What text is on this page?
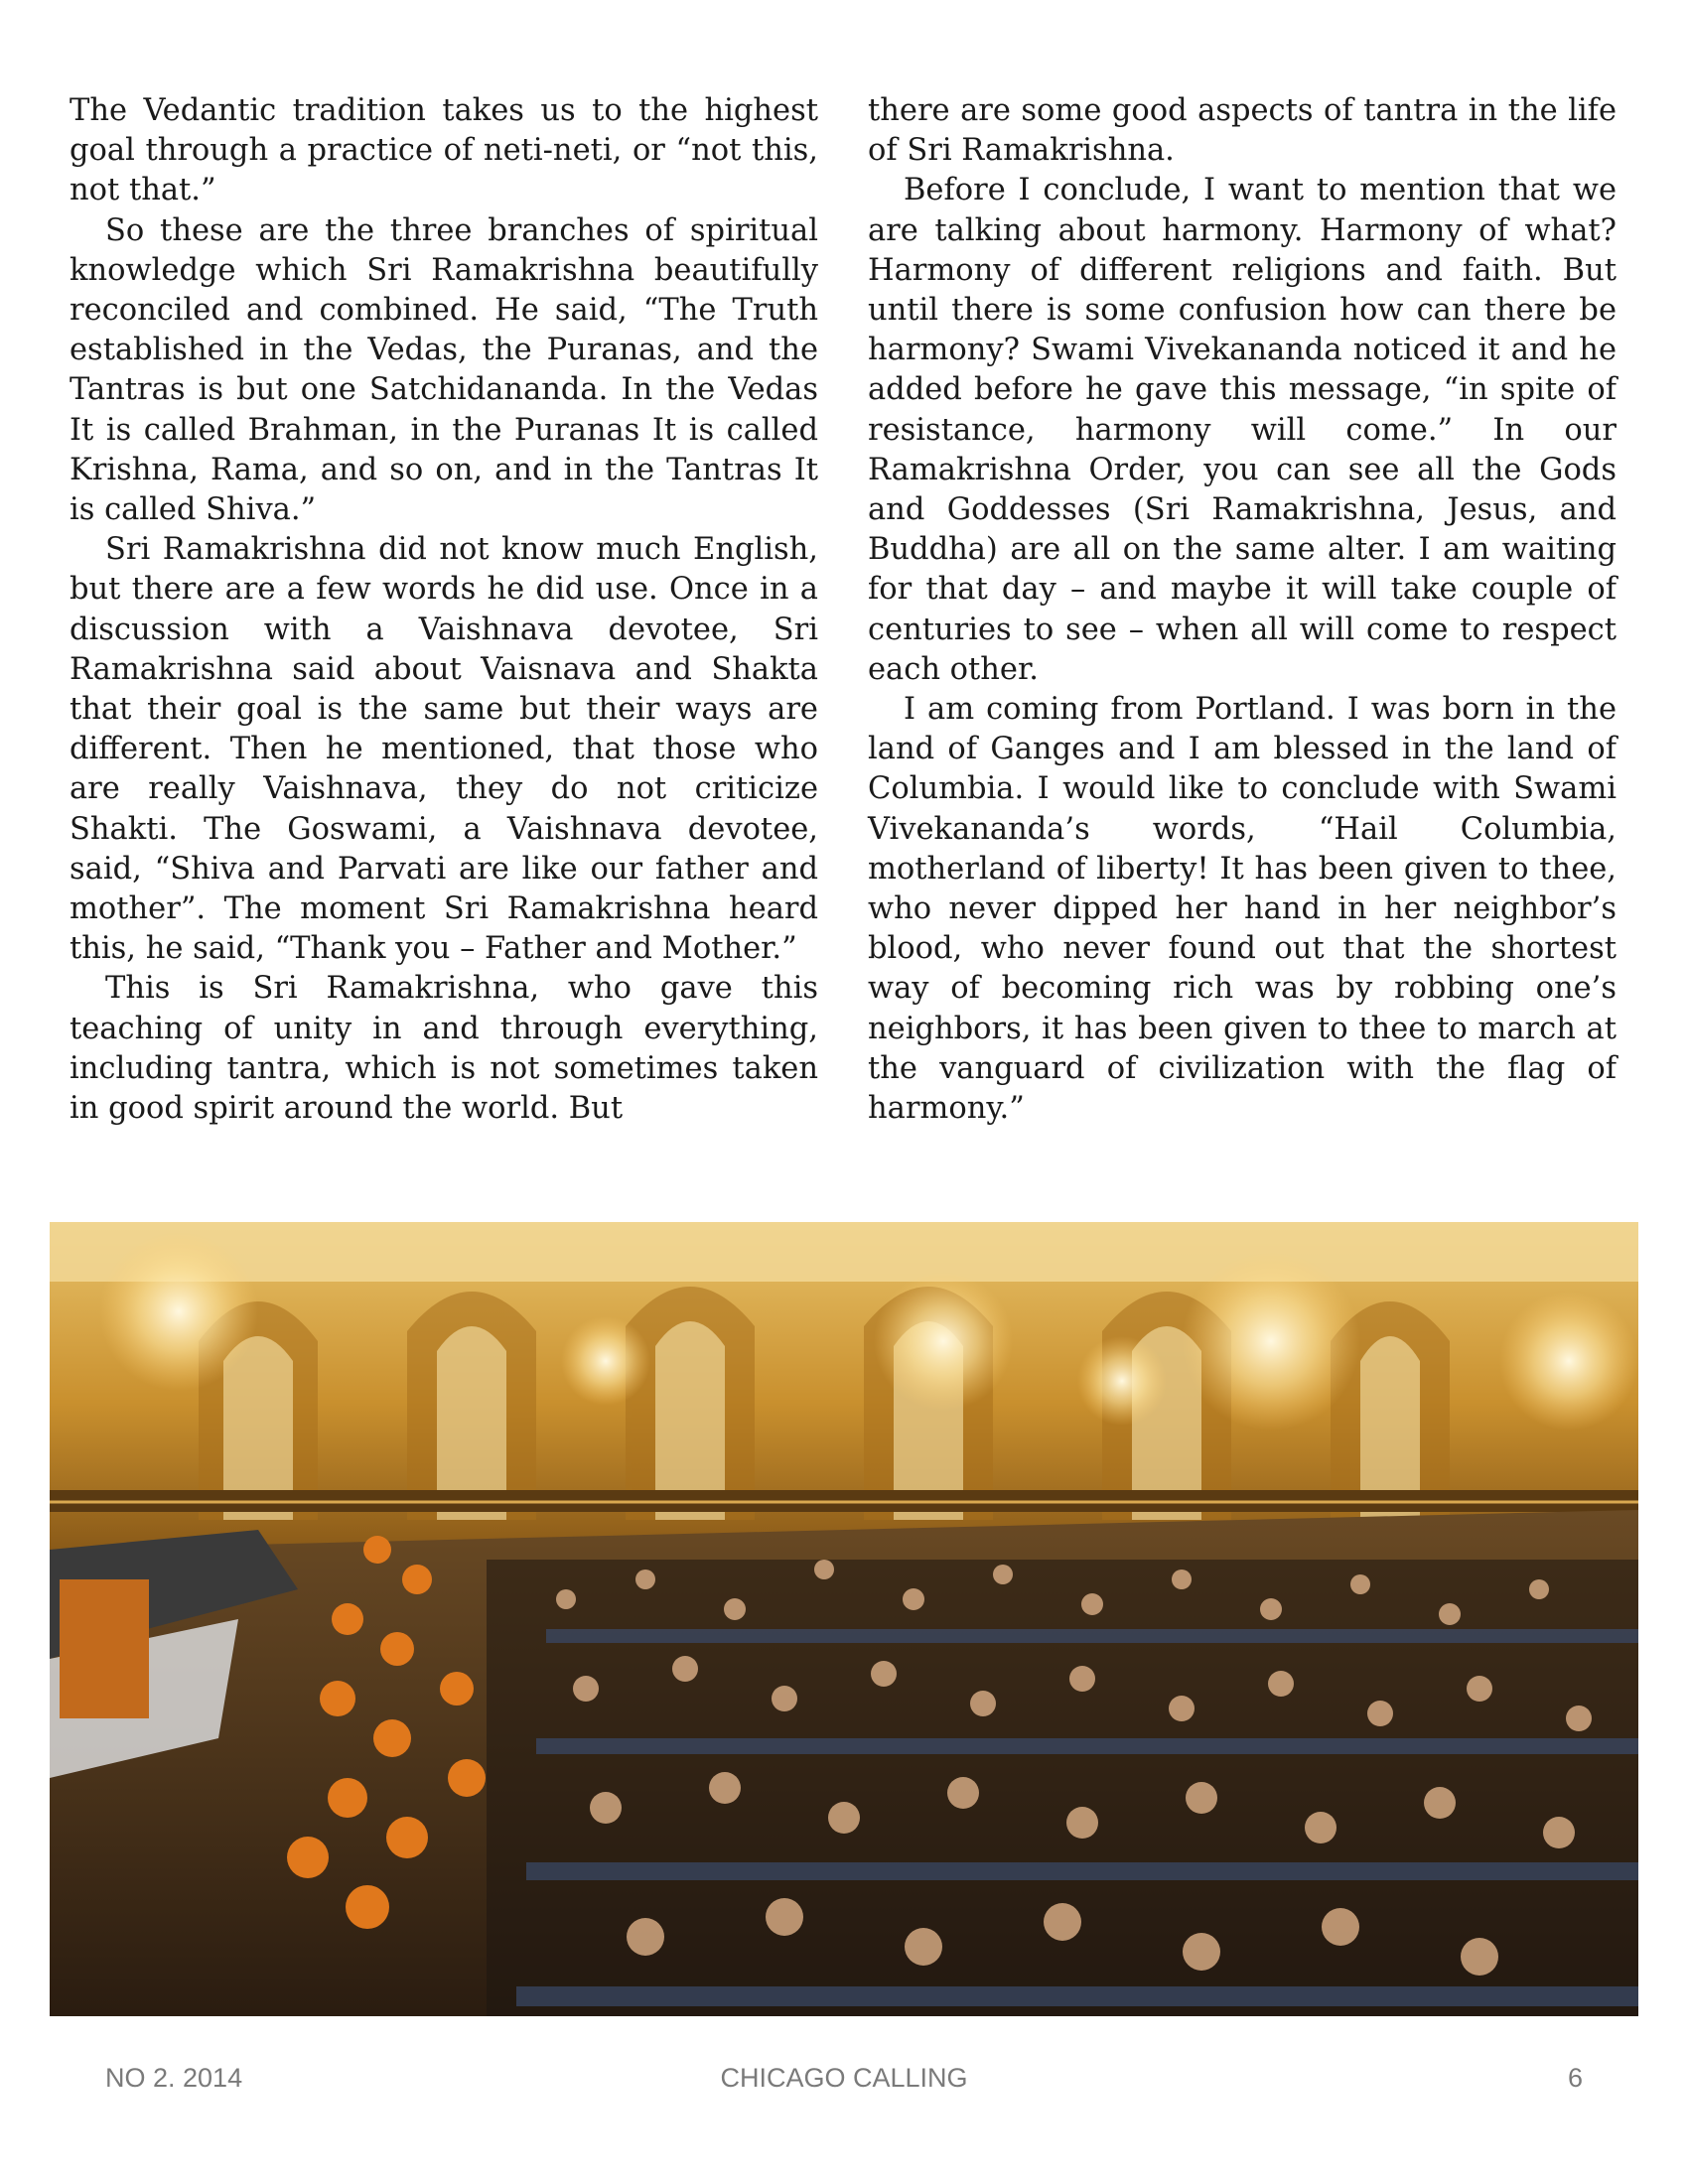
The Vedantic tradition takes us to the highest goal through a practice of neti-neti, or “not this, not that.”

So these are the three branches of spiritual knowledge which Sri Ramakrishna beautifully reconciled and combined. He said, “The Truth established in the Vedas, the Puranas, and the Tantras is but one Satchidananda. In the Vedas It is called Brahman, in the Puranas It is called Krishna, Rama, and so on, and in the Tantras It is called Shiva.”

Sri Ramakrishna did not know much English, but there are a few words he did use. Once in a discussion with a Vaishnava devotee, Sri Ramakrishna said about Vaisnava and Shakta that their goal is the same but their ways are different. Then he mentioned, that those who are really Vaishnava, they do not criticize Shakti. The Goswami, a Vaishnava devotee, said, “Shiva and Parvati are like our father and mother”. The moment Sri Ramakrishna heard this, he said, “Thank you – Father and Mother.”

This is Sri Ramakrishna, who gave this teaching of unity in and through everything, including tantra, which is not sometimes taken in good spirit around the world. But

there are some good aspects of tantra in the life of Sri Ramakrishna.

Before I conclude, I want to mention that we are talking about harmony. Harmony of what? Harmony of different religions and faith. But until there is some confusion how can there be harmony? Swami Vivekananda noticed it and he added before he gave this message, “in spite of resistance, harmony will come.” In our Ramakrishna Order, you can see all the Gods and Goddesses (Sri Ramakrishna, Jesus, and Buddha) are all on the same alter. I am waiting for that day – and maybe it will take couple of centuries to see – when all will come to respect each other.

I am coming from Portland. I was born in the land of Ganges and I am blessed in the land of Columbia. I would like to conclude with Swami Vivekananda’s words, “Hail Columbia, motherland of liberty! It has been given to thee, who never dipped her hand in her neighbor’s blood, who never found out that the shortest way of becoming rich was by robbing one’s neighbors, it has been given to thee to march at the vanguard of civilization with the flag of harmony.”

NO 2. 2014	CHICAGO CALLING	6
